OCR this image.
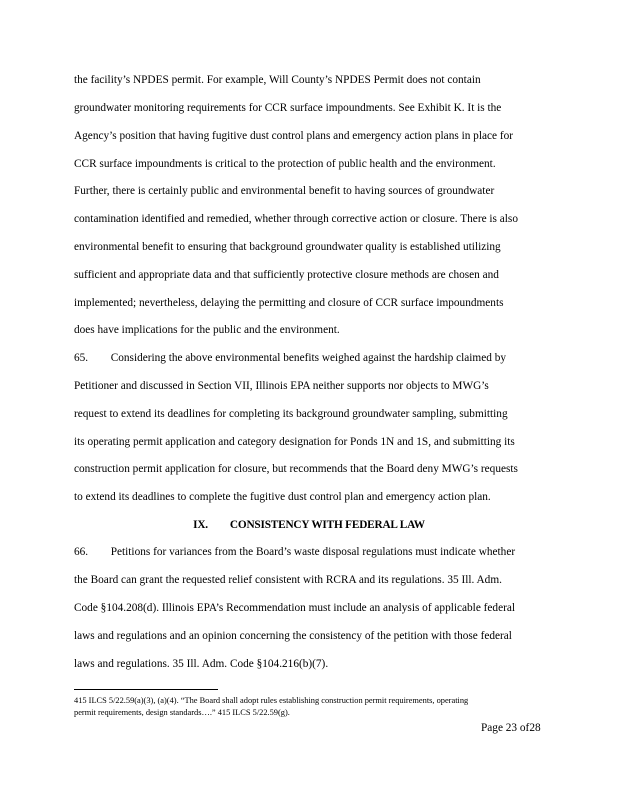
the facility’s NPDES permit. For example, Will County’s NPDES Permit does not contain
groundwater monitoring requirements for CCR surface impoundments. See Exhibit K. It is the
Agency’s position that having fugitive dust control plans and emergency action plans in place for
CCR surface impoundments is critical to the protection of public health and the environment.
Further, there is certainly public and environmental benefit to having sources of groundwater
contamination identified and remedied, whether through corrective action or closure. There is also
environmental benefit to ensuring that background groundwater quality is established utilizing
sufficient and appropriate data and that sufficiently protective closure methods are chosen and
implemented; nevertheless, delaying the permitting and closure of CCR surface impoundments
does have implications for the public and the environment.
65.        Considering the above environmental benefits weighed against the hardship claimed by
Petitioner and discussed in Section VII, Illinois EPA neither supports nor objects to MWG’s
request to extend its deadlines for completing its background groundwater sampling, submitting
its operating permit application and category designation for Ponds 1N and 1S, and submitting its
construction permit application for closure, but recommends that the Board deny MWG’s requests
to extend its deadlines to complete the fugitive dust control plan and emergency action plan.
IX. CONSISTENCY WITH FEDERAL LAW
66.        Petitions for variances from the Board’s waste disposal regulations must indicate whether
the Board can grant the requested relief consistent with RCRA and its regulations. 35 Ill. Adm.
Code §104.208(d). Illinois EPA’s Recommendation must include an analysis of applicable federal
laws and regulations and an opinion concerning the consistency of the petition with those federal
laws and regulations. 35 Ill. Adm. Code §104.216(b)(7).
415 ILCS 5/22.59(a)(3), (a)(4). “The Board shall adopt rules establishing construction permit requirements, operating
permit requirements, design standards….” 415 ILCS 5/22.59(g).
Page 23 of28
